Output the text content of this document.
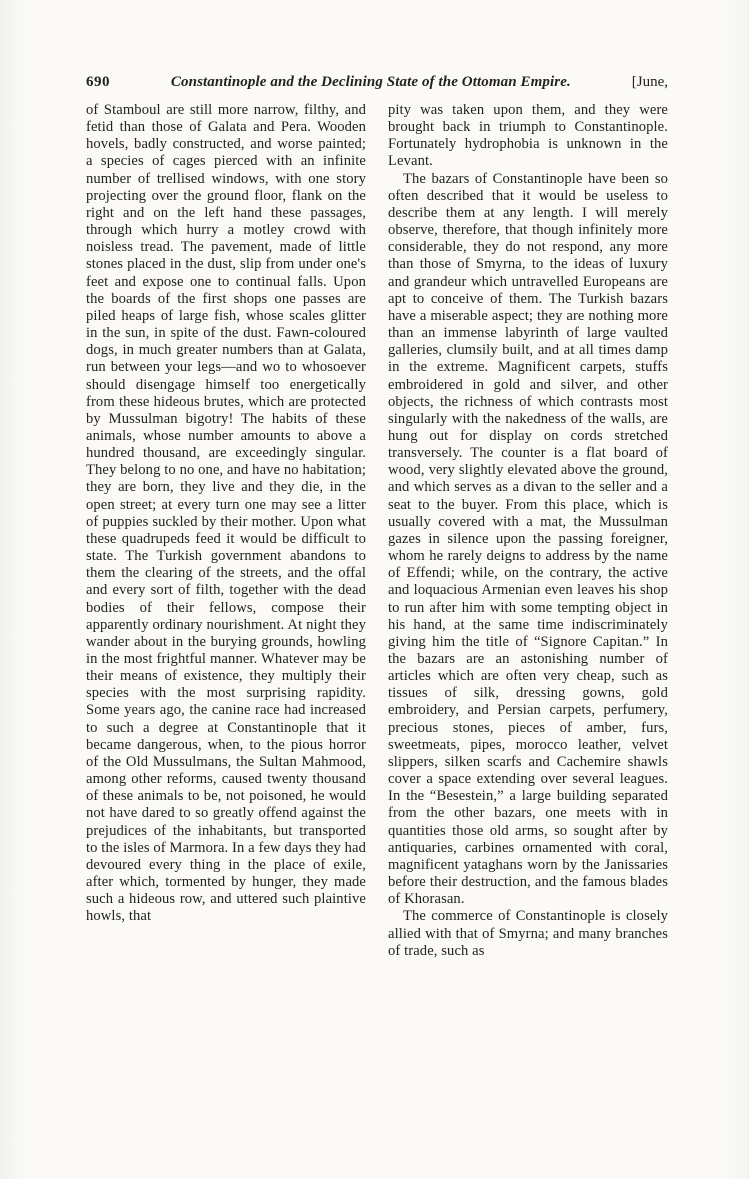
690	Constantinople and the Declining State of the Ottoman Empire.	[June,

of Stamboul are still more narrow, filthy, and fetid than those of Galata and Pera. Wooden hovels, badly constructed, and worse painted; a species of cages pierced with an infinite number of trellised windows, with one story projecting over the ground floor, flank on the right and on the left hand these passages, through which hurry a motley crowd with noisless tread. The pavement, made of little stones placed in the dust, slip from under one's feet and expose one to continual falls. Upon the boards of the first shops one passes are piled heaps of large fish, whose scales glitter in the sun, in spite of the dust. Fawn-coloured dogs, in much greater numbers than at Galata, run between your legs—and wo to whosoever should disengage himself too energetically from these hideous brutes, which are protected by Mussulman bigotry! The habits of these animals, whose number amounts to above a hundred thousand, are exceedingly singular. They belong to no one, and have no habitation; they are born, they live and they die, in the open street; at every turn one may see a litter of puppies suckled by their mother. Upon what these quadrupeds feed it would be difficult to state. The Turkish government abandons to them the clearing of the streets, and the offal and every sort of filth, together with the dead bodies of their fellows, compose their apparently ordinary nourishment. At night they wander about in the burying grounds, howling in the most frightful manner. Whatever may be their means of existence, they multiply their species with the most surprising rapidity. Some years ago, the canine race had increased to such a degree at Constantinople that it became dangerous, when, to the pious horror of the Old Mussulmans, the Sultan Mahmood, among other reforms, caused twenty thousand of these animals to be, not poisoned, he would not have dared to so greatly offend against the prejudices of the inhabitants, but transported to the isles of Marmora. In a few days they had devoured every thing in the place of exile, after which, tormented by hunger, they made such a hideous row, and uttered such plaintive howls, that

pity was taken upon them, and they were brought back in triumph to Constantinople. Fortunately hydrophobia is unknown in the Levant.

The bazars of Constantinople have been so often described that it would be useless to describe them at any length. I will merely observe, therefore, that though infinitely more considerable, they do not respond, any more than those of Smyrna, to the ideas of luxury and grandeur which untravelled Europeans are apt to conceive of them. The Turkish bazars have a miserable aspect; they are nothing more than an immense labyrinth of large vaulted galleries, clumsily built, and at all times damp in the extreme. Magnificent carpets, stuffs embroidered in gold and silver, and other objects, the richness of which contrasts most singularly with the nakedness of the walls, are hung out for display on cords stretched transversely. The counter is a flat board of wood, very slightly elevated above the ground, and which serves as a divan to the seller and a seat to the buyer. From this place, which is usually covered with a mat, the Mussulman gazes in silence upon the passing foreigner, whom he rarely deigns to address by the name of Effendi; while, on the contrary, the active and loquacious Armenian even leaves his shop to run after him with some tempting object in his hand, at the same time indiscriminately giving him the title of “Signore Capitan.” In the bazars are an astonishing number of articles which are often very cheap, such as tissues of silk, dressing gowns, gold embroidery, and Persian carpets, perfumery, precious stones, pieces of amber, furs, sweetmeats, pipes, morocco leather, velvet slippers, silken scarfs and Cachemire shawls cover a space extending over several leagues. In the “Besestein,” a large building separated from the other bazars, one meets with in quantities those old arms, so sought after by antiquaries, carbines ornamented with coral, magnificent yataghans worn by the Janissaries before their destruction, and the famous blades of Khorasan.

The commerce of Constantinople is closely allied with that of Smyrna; and many branches of trade, such as
